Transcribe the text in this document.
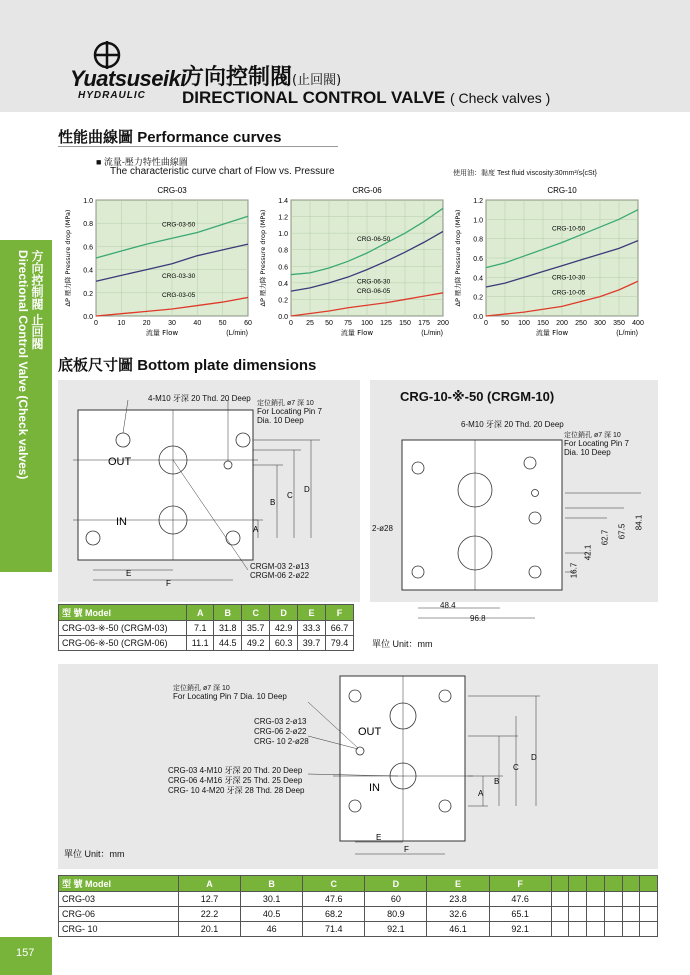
Yuatsuseiki
HYDRAULIC
方向控制閥(止回閥)
DIRECTIONAL CONTROL VALVE ( Check valves )
方向控制閥 止回閥
Directional Control Valve (Check valves)
性能曲線圖 Performance curves
■ 流量-壓力特性曲線圖
The characteristic curve chart of Flow vs. Pressure	使用油：黏度 Test fluid viscosity:30mm²/s{cSt}
CRG-03
0.0
0.2
0.4
0.6
0.8
1.0
0	10	20	30	40	50	60
CRG-03-50
CRG-03-30
CRG-03-05
流量 Flow	(L/min)
ΔP 壓力降 Pressure drop (MPa)
CRG-06
0.0
0.2
0.4
0.6
0.8
1.0
1.2
1.4
0 25 50 75 100 125 150 175 200
CRG-06-50
CRG-06-30
CRG-06-05
流量 Flow	(L/min)
ΔP 壓力降 Pressure drop (MPa)
CRG-10
0.0
0.2
0.4
0.6
0.8
1.0
1.2
0 50 100 150 200 250 300 350 400
CRG-10-50
CRG-10-30
CRG-10-05
流量 Flow	(L/min)
ΔP 壓力降 Pressure drop (MPa)
底板尺寸圖 Bottom plate dimensions
OUT
IN
A
B
C
D
E
F
4-M10 牙深 20 Thd. 20 Deep
定位銷孔 ø7 深 10
For Locating Pin 7
Dia. 10 Deep
CRGM-03 2-ø13
CRGM-06 2-ø22
型 號 Model	A	B	C	D	E	F
CRG-03-※-50 (CRGM-03)	7.1	31.8	35.7	42.9	33.3	66.7
CRG-06-※-50 (CRGM-06)	11.1	44.5	49.2	60.3	39.7	79.4
CRG-10-※-50 (CRGM-10)
6-M10 牙深 20 Thd. 20 Deep
定位銷孔 ø7 深 10
For Locating Pin 7
Dia. 10 Deep
2-ø28
16.7
42.1
62.7 67.5
84.1
48.4
96.8
單位 Unit：mm
OUT
IN	A
B
C
D
E
F
定位銷孔 ø7 深 10
For Locating Pin 7 Dia. 10 Deep
CRG-03 2-ø13
CRG-06 2-ø22
CRG- 10 2-ø28
CRG-03 4-M10 牙深 20 Thd. 20 Deep
CRG-06 4-M16 牙深 25 Thd. 25 Deep
CRG- 10 4-M20 牙深 28 Thd. 28 Deep
單位 Unit：mm
型 號 Model	A	B	C	D	E	F						
CRG-03	12.7	30.1	47.6	60	23.8	47.6						
CRG-06	22.2	40.5	68.2	80.9	32.6	65.1						
CRG- 10	20.1	46	71.4	92.1	46.1	92.1						
157
